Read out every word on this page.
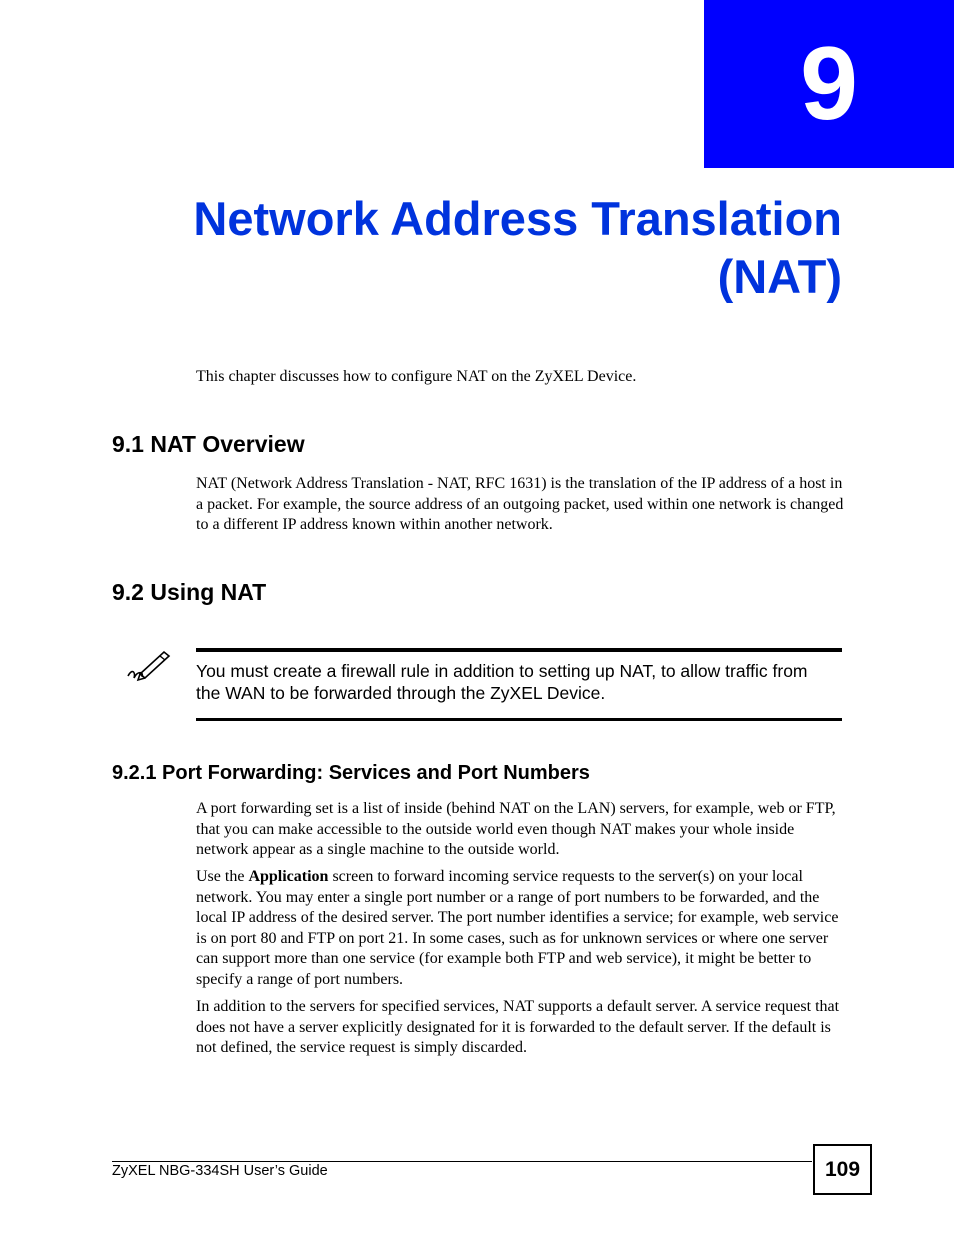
9
Network Address Translation
(NAT)
This chapter discusses how to configure NAT on the ZyXEL Device.
9.1 NAT Overview
NAT (Network Address Translation - NAT, RFC 1631) is the translation of the IP address of a host in a packet. For example, the source address of an outgoing packet, used within one network is changed to a different IP address known within another network.
9.2 Using NAT
You must create a firewall rule in addition to setting up NAT, to allow traffic from the WAN to be forwarded through the ZyXEL Device.
9.2.1 Port Forwarding: Services and Port Numbers
A port forwarding set is a list of inside (behind NAT on the LAN) servers, for example, web or FTP, that you can make accessible to the outside world even though NAT makes your whole inside network appear as a single machine to the outside world.
Use the Application screen to forward incoming service requests to the server(s) on your local network. You may enter a single port number or a range of port numbers to be forwarded, and the local IP address of the desired server. The port number identifies a service; for example, web service is on port 80 and FTP on port 21. In some cases, such as for unknown services or where one server can support more than one service (for example both FTP and web service), it might be better to specify a range of port numbers.
In addition to the servers for specified services, NAT supports a default server. A service request that does not have a server explicitly designated for it is forwarded to the default server. If the default is not defined, the service request is simply discarded.
ZyXEL NBG-334SH User’s Guide	109
